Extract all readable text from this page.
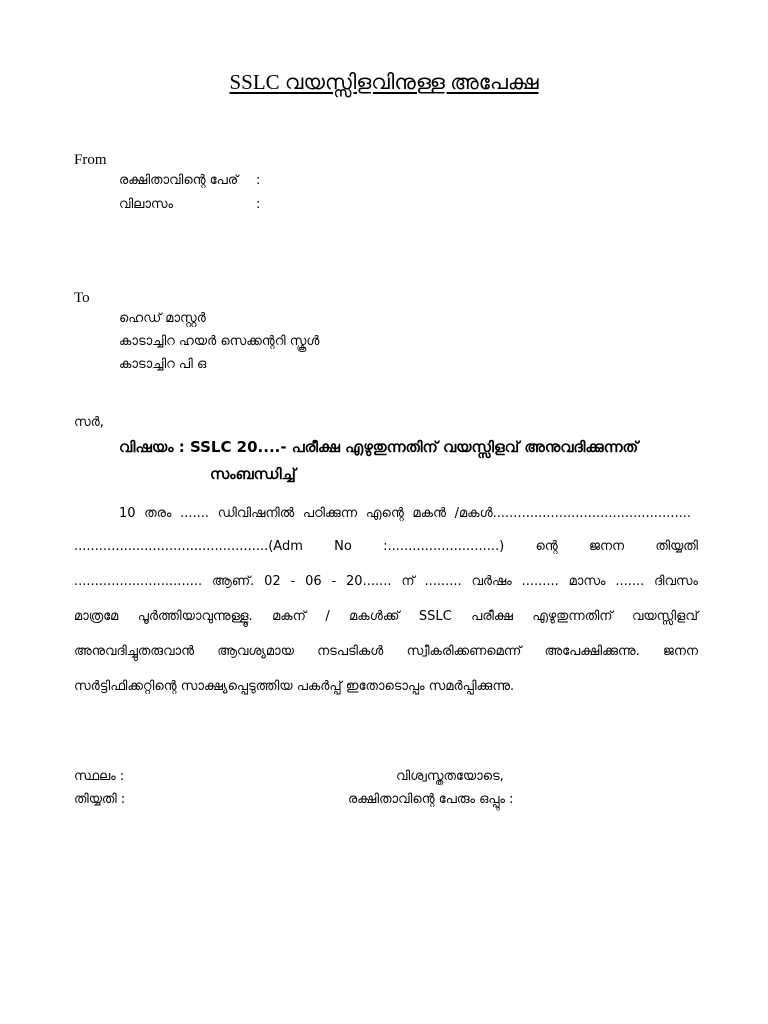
SSLC വയസ്സിളവിനുള്ള അപേക്ഷ
From
രക്ഷിതാവിന്റെ പേര് :
വിലാസം	:
To
ഹെഡ് മാസ്റ്റർ
കാടാച്ചിറ ഹയർ സെക്കന്ററി സ്കൂൾ
കാടാച്ചിറ പി ഒ
സർ,
വിഷയം : SSLC 20....- പരീക്ഷ എഴുതുന്നതിന് വയസ്സിളവ് അനുവദിക്കുന്നത്
സംബന്ധിച്ച്
10 തരം ....... ഡിവിഷനിൽ പഠിക്കുന്ന എന്റെ മകൻ /മകൾ................................................
...............................................(Adm No :...........................) ന്റെ ജനന തിയ്യതി
............................... ആണ്. 02 - 06 - 20....... ന് ......... വർഷം ......... മാസം ....... ദിവസം
മാത്രമേ പൂർത്തിയാവുന്നുള്ളൂ. മകന് / മകൾക്ക് SSLC പരീക്ഷ എഴുതുന്നതിന് വയസ്സിളവ്
അനുവദിച്ചുതരുവാൻ ആവശ്യമായ നടപടികൾ സ്വീകരിക്കണമെന്ന് അപേക്ഷിക്കുന്നു. ജനന
സർട്ടിഫിക്കറ്റിന്റെ സാക്ഷ്യപ്പെടുത്തിയ പകർപ്പ് ഇതോടൊപ്പം സമർപ്പിക്കുന്നു.
സ്ഥലം :	വിശ്വസ്തതയോടെ,
തിയ്യതി :	രക്ഷിതാവിന്റെ പേരും ഒപ്പും :
